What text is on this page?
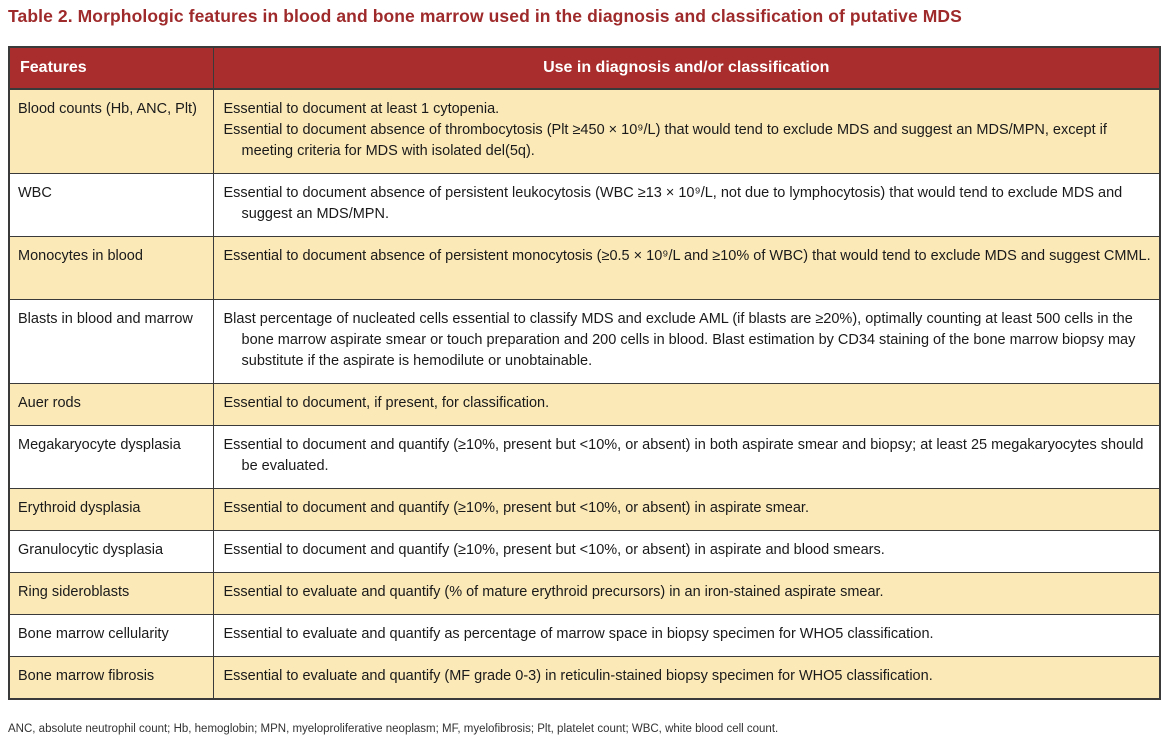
Table 2. Morphologic features in blood and bone marrow used in the diagnosis and classification of putative MDS
Features	Use in diagnosis and/or classification

Blood counts (Hb, ANC, Plt)	Essential to document at least 1 cytopenia.
Essential to document absence of thrombocytosis (Plt ≥450 × 10⁹/L) that would tend to exclude MDS and suggest an MDS/MPN, except if meeting criteria for MDS with isolated del(5q).

WBC	Essential to document absence of persistent leukocytosis (WBC ≥13 × 10⁹/L, not due to lymphocytosis) that would tend to exclude MDS and suggest an MDS/MPN.

Monocytes in blood	Essential to document absence of persistent monocytosis (≥0.5 × 10⁹/L and ≥10% of WBC) that would tend to exclude MDS and suggest CMML.

Blasts in blood and marrow	Blast percentage of nucleated cells essential to classify MDS and exclude AML (if blasts are ≥20%), optimally counting at least 500 cells in the bone marrow aspirate smear or touch preparation and 200 cells in blood. Blast estimation by CD34 staining of the bone marrow biopsy may substitute if the aspirate is hemodilute or unobtainable.

Auer rods	Essential to document, if present, for classification.

Megakaryocyte dysplasia	Essential to document and quantify (≥10%, present but <10%, or absent) in both aspirate smear and biopsy; at least 25 megakaryocytes should be evaluated.

Erythroid dysplasia	Essential to document and quantify (≥10%, present but <10%, or absent) in aspirate smear.

Granulocytic dysplasia	Essential to document and quantify (≥10%, present but <10%, or absent) in aspirate and blood smears.

Ring sideroblasts	Essential to evaluate and quantify (% of mature erythroid precursors) in an iron-stained aspirate smear.

Bone marrow cellularity	Essential to evaluate and quantify as percentage of marrow space in biopsy specimen for WHO5 classification.

Bone marrow fibrosis	Essential to evaluate and quantify (MF grade 0-3) in reticulin-stained biopsy specimen for WHO5 classification.
ANC, absolute neutrophil count; Hb, hemoglobin; MPN, myeloproliferative neoplasm; MF, myelofibrosis; Plt, platelet count; WBC, white blood cell count.
